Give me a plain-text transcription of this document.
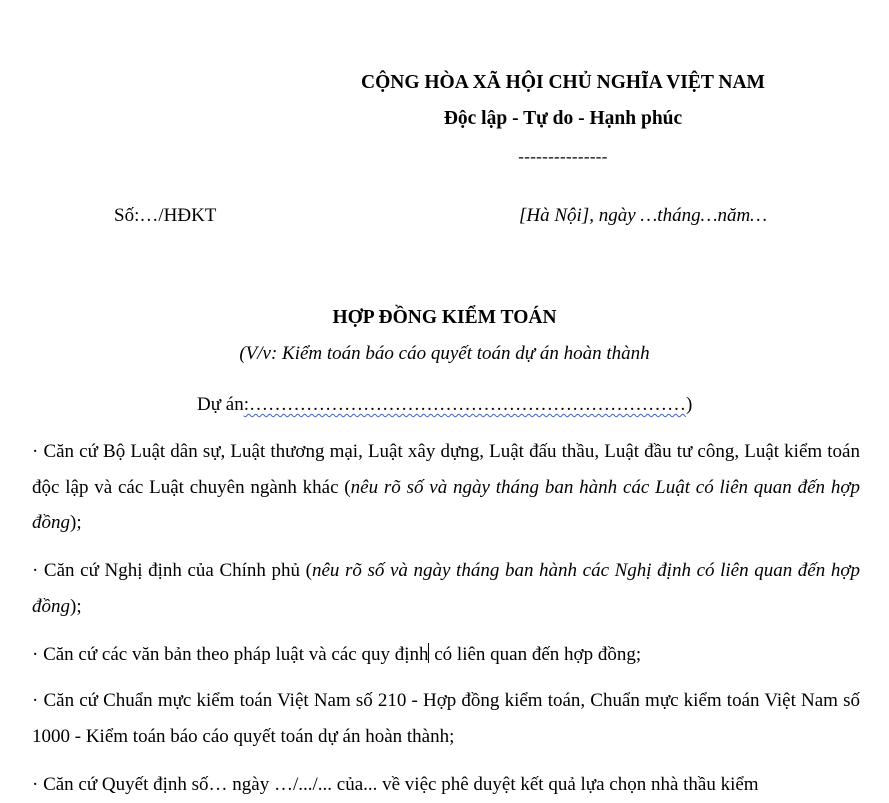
CỘNG HÒA XÃ HỘI CHỦ NGHĨA VIỆT NAM
Độc lập - Tự do - Hạnh phúc
---------------
Số:…/HĐKT	[Hà Nội], ngày …tháng…năm…
HỢP ĐỒNG KIỂM TOÁN
(V/v: Kiểm toán báo cáo quyết toán dự án hoàn thành
Dự án:……………………………………………………………)
· Căn cứ Bộ Luật dân sự, Luật thương mại, Luật xây dựng, Luật đấu thầu, Luật đầu tư công, Luật kiểm toán độc lập và các Luật chuyên ngành khác (nêu rõ số và ngày tháng ban hành các Luật có liên quan đến hợp đồng);
· Căn cứ Nghị định của Chính phủ (nêu rõ số và ngày tháng ban hành các Nghị định có liên quan đến hợp đồng);
· Căn cứ các văn bản theo pháp luật và các quy định có liên quan đến hợp đồng;
· Căn cứ Chuẩn mực kiểm toán Việt Nam số 210 - Hợp đồng kiểm toán, Chuẩn mực kiểm toán Việt Nam số 1000 - Kiểm toán báo cáo quyết toán dự án hoàn thành;
· Căn cứ Quyết định số… ngày …/.../... của... về việc phê duyệt kết quả lựa chọn nhà thầu kiểm
